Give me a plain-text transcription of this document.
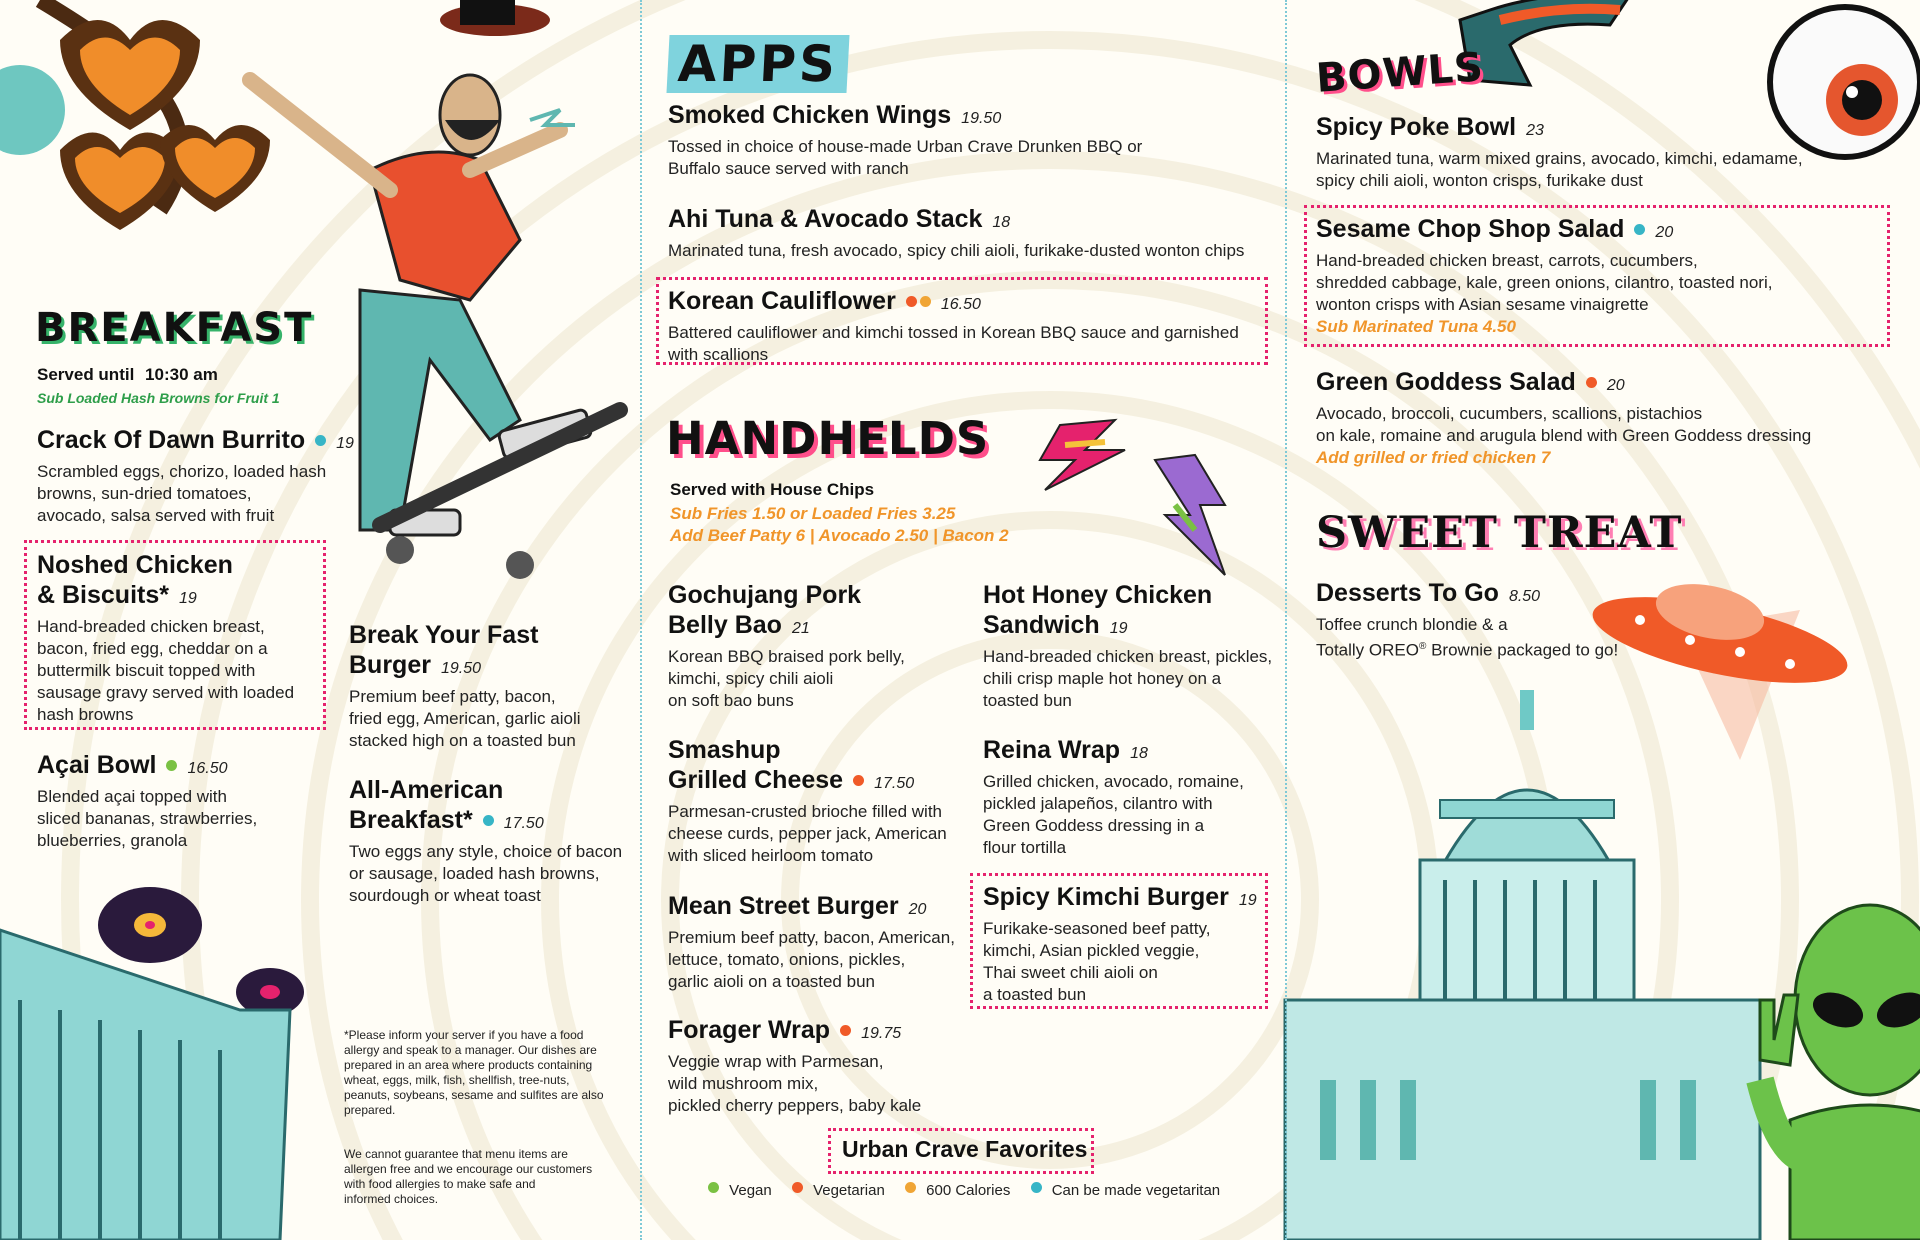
BREAKFAST
Served until 10:30 am
Sub Loaded Hash Browns for Fruit 1
Crack Of Dawn Burrito 19
Scrambled eggs, chorizo, loaded hash
browns, sun-dried tomatoes,
avocado, salsa served with fruit
Noshed Chicken
& Biscuits* 19
Hand-breaded chicken breast,
bacon, fried egg, cheddar on a
buttermilk biscuit topped with
sausage gravy served with loaded
hash browns
Açai Bowl 16.50
Blended açai topped with
sliced bananas, strawberries,
blueberries, granola
Break Your Fast
Burger 19.50
Premium beef patty, bacon,
fried egg, American, garlic aioli
stacked high on a toasted bun
All-American
Breakfast* 17.50
Two eggs any style, choice of bacon
or sausage, loaded hash browns,
sourdough or wheat toast
*Please inform your server if you have a food
allergy and speak to a manager. Our dishes are
prepared in an area where products containing
wheat, eggs, milk, fish, shellfish, tree-nuts,
peanuts, soybeans, sesame and sulfites are also
prepared.
We cannot guarantee that menu items are
allergen free and we encourage our customers
with food allergies to make safe and
informed choices.
APPS
Smoked Chicken Wings 19.50
Tossed in choice of house-made Urban Crave Drunken BBQ or
Buffalo sauce served with ranch
Ahi Tuna & Avocado Stack 18
Marinated tuna, fresh avocado, spicy chili aioli, furikake-dusted wonton chips
Korean Cauliflower	16.50
Battered cauliflower and kimchi tossed in Korean BBQ sauce and garnished
with scallions
HANDHELDS
Served with House Chips
Sub Fries 1.50 or Loaded Fries 3.25
Add Beef Patty 6 | Avocado 2.50 | Bacon 2
Gochujang Pork
Belly Bao 21
Korean BBQ braised pork belly,
kimchi, spicy chili aioli
on soft bao buns
Smashup
Grilled Cheese 17.50
Parmesan-crusted brioche filled with
cheese curds, pepper jack, American
with sliced heirloom tomato
Mean Street Burger 20
Premium beef patty, bacon, American,
lettuce, tomato, onions, pickles,
garlic aioli on a toasted bun
Forager Wrap 19.75
Veggie wrap with Parmesan,
wild mushroom mix,
pickled cherry peppers, baby kale
Hot Honey Chicken
Sandwich 19
Hand-breaded chicken breast, pickles,
chili crisp maple hot honey on a
toasted bun
Reina Wrap 18
Grilled chicken, avocado, romaine,
pickled jalapeños, cilantro with
Green Goddess dressing in a
flour tortilla
Spicy Kimchi Burger 19
Furikake-seasoned beef patty,
kimchi, Asian pickled veggie,
Thai sweet chili aioli on
a toasted bun
Urban Crave Favorites
Vegan	Vegetarian	600 Calories	Can be made vegetaritan
BOWLS
Spicy Poke Bowl 23
Marinated tuna, warm mixed grains, avocado, kimchi, edamame,
spicy chili aioli, wonton crisps, furikake dust
Sesame Chop Shop Salad 20
Hand-breaded chicken breast, carrots, cucumbers,
shredded cabbage, kale, green onions, cilantro, toasted nori,
wonton crisps with Asian sesame vinaigrette
Sub Marinated Tuna 4.50
Green Goddess Salad 20
Avocado, broccoli, cucumbers, scallions, pistachios
on kale, romaine and arugula blend with Green Goddess dressing
Add grilled or fried chicken 7
SWEET TREAT
Desserts To Go 8.50
Toffee crunch blondie & a
Totally OREO® Brownie packaged to go!
